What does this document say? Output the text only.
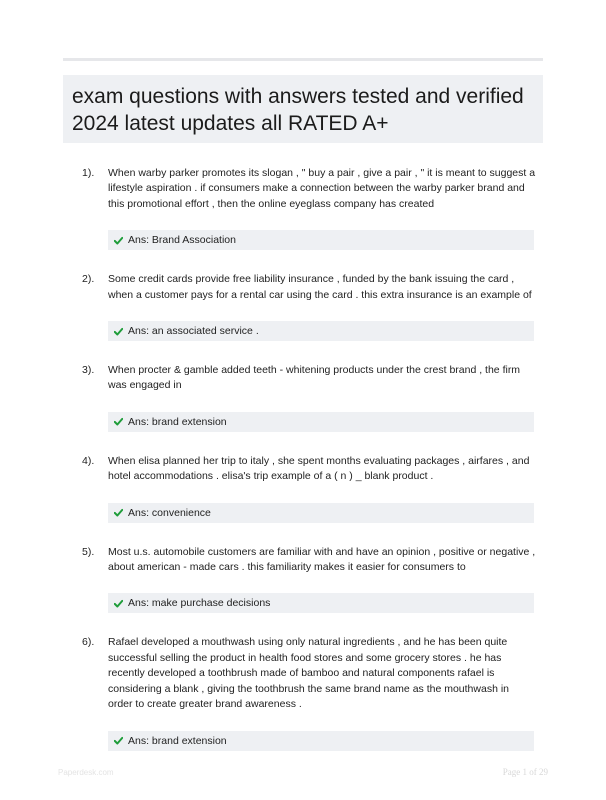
exam questions with answers tested and verified 2024 latest updates all RATED A+
1). When warby parker promotes its slogan , " buy a pair , give a pair , " it is meant to suggest a lifestyle aspiration . if consumers make a connection between the warby parker brand and this promotional effort , then the online eyeglass company has created
Ans: Brand Association
2). Some credit cards provide free liability insurance , funded by the bank issuing the card , when a customer pays for a rental car using the card . this extra insurance is an example of
Ans: an associated service .
3). When procter & gamble added teeth - whitening products under the crest brand , the firm was engaged in
Ans: brand extension
4). When elisa planned her trip to italy , she spent months evaluating packages , airfares , and hotel accommodations . elisa's trip example of a ( n ) _ blank product .
Ans: convenience
5). Most u.s. automobile customers are familiar with and have an opinion , positive or negative , about american - made cars . this familiarity makes it easier for consumers to
Ans: make purchase decisions
6). Rafael developed a mouthwash using only natural ingredients , and he has been quite successful selling the product in health food stores and some grocery stores . he has recently developed a toothbrush made of bamboo and natural components rafael is considering a blank , giving the toothbrush the same brand name as the mouthwash in order to create greater brand awareness .
Ans: brand extension
Paperdesk.com	Page 1 of 29
